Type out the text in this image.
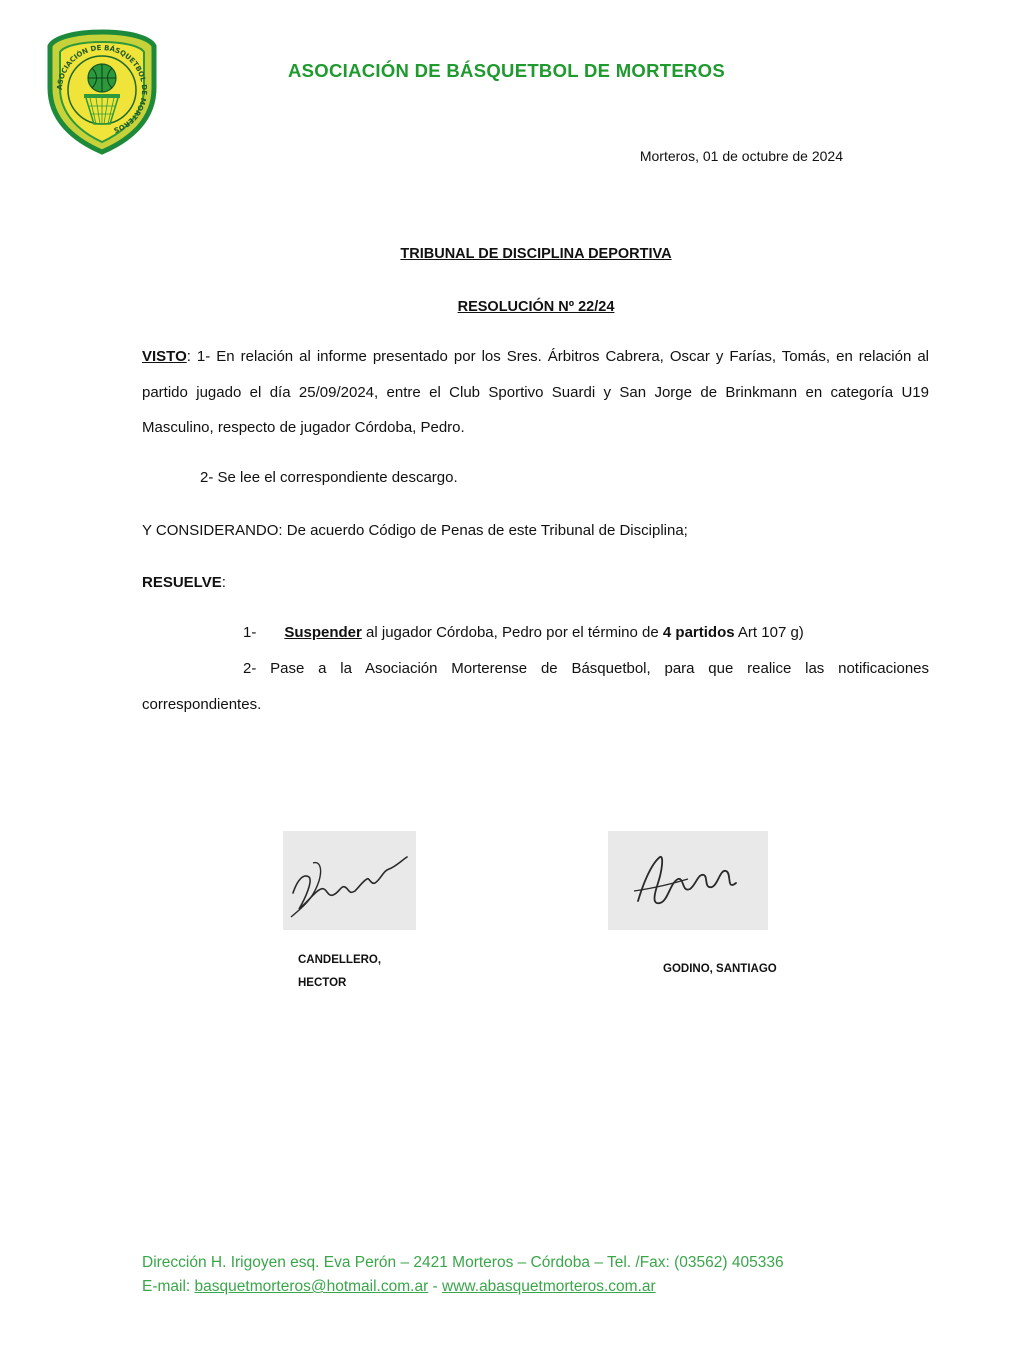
ASOCIACIÓN DE BÁSQUETBOL DE MORTEROS
ASOCIACIÓN DE BÁSQUETBOL DE MORTEROS
Morteros, 01 de octubre de 2024
TRIBUNAL DE DISCIPLINA DEPORTIVA
RESOLUCIÓN Nº 22/24
VISTO: 1- En relación al informe presentado por los Sres. Árbitros Cabrera, Oscar y Farías, Tomás, en relación al partido jugado el día 25/09/2024, entre el Club Sportivo Suardi y San Jorge de Brinkmann en categoría U19 Masculino, respecto de jugador Córdoba, Pedro.
2- Se lee el correspondiente descargo.
Y CONSIDERANDO: De acuerdo Código de Penas de este Tribunal de Disciplina;
RESUELVE:
1- Suspender al jugador Córdoba, Pedro por el término de 4 partidos Art 107 g)
2- Pase a la Asociación Morterense de Básquetbol, para que realice las notificaciones correspondientes.
CANDELLERO,
HECTOR
GODINO, SANTIAGO
Dirección H. Irigoyen esq. Eva Perón – 2421 Morteros – Córdoba – Tel. /Fax: (03562) 405336
E-mail: basquetmorteros@hotmail.com.ar - www.abasquetmorteros.com.ar
